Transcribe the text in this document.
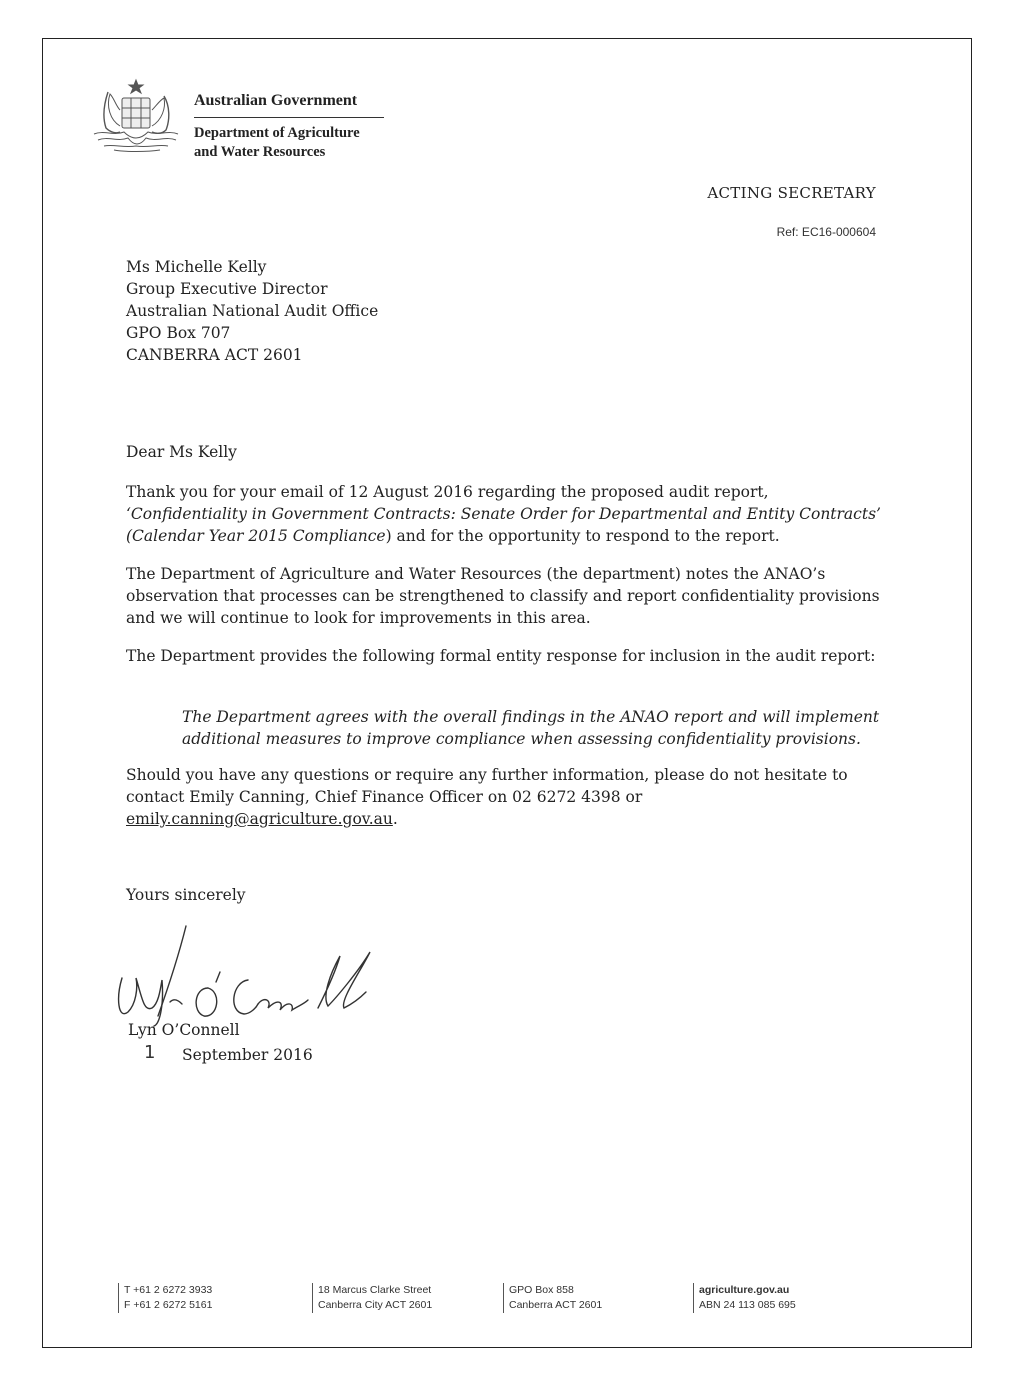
Australian Government
Department of Agriculture
and Water Resources
ACTING SECRETARY
Ref: EC16-000604
Ms Michelle Kelly
Group Executive Director
Australian National Audit Office
GPO Box 707
CANBERRA ACT 2601
Dear Ms Kelly
Thank you for your email of 12 August 2016 regarding the proposed audit report, ‘Confidentiality in Government Contracts: Senate Order for Departmental and Entity Contracts’ (Calendar Year 2015 Compliance) and for the opportunity to respond to the report.
The Department of Agriculture and Water Resources (the department) notes the ANAO’s observation that processes can be strengthened to classify and report confidentiality provisions and we will continue to look for improvements in this area.
The Department provides the following formal entity response for inclusion in the audit report:
The Department agrees with the overall findings in the ANAO report and will implement additional measures to improve compliance when assessing confidentiality provisions.
Should you have any questions or require any further information, please do not hesitate to contact Emily Canning, Chief Finance Officer on 02 6272 4398 or emily.canning@agriculture.gov.au.
Yours sincerely
Lyn O’Connell
1 September 2016
T +61 2 6272 3933
F +61 2 6272 5161
18 Marcus Clarke Street
Canberra City ACT 2601
GPO Box 858
Canberra ACT 2601
agriculture.gov.au
ABN 24 113 085 695
